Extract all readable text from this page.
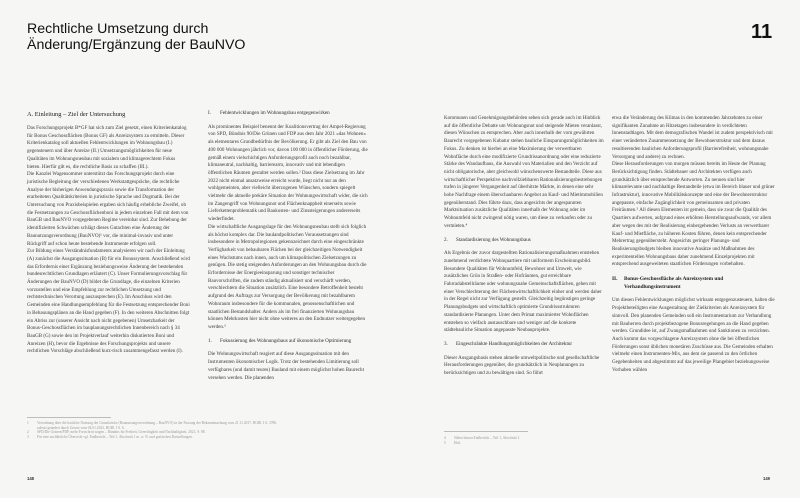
Rechtliche Umsetzung durch
Änderung/Ergänzung der BauNVO
11
A. Einleitung – Ziel der Untersuchung

Das Forschungsprojekt B*GF hat sich zum Ziel gesetzt, einen Kriterienkatalog für Bonus Geschossflächen (Bonus GF) als Anreizsystem zu ermitteln. Dieser Kriterienkatalog soll aktuellen Fehlentwicklungen im Wohnungsbau (I.) gegensteuern und über Anreize (II.) Umsetzungsmöglichkeiten für neue Qualitäten im Wohnungsneubau mit sozialem und klimagerechtem Fokus bieten. Hierfür gilt es, die rechtliche Basis zu schaffen (III.).

Die Kanzlei Wagensommer unterstützt das Forschungsprojekt durch eine juristische Begleitung der verschiedenen Werkstattgespräche, die rechtliche Analyse der bisherigen Anwendungspraxis sowie die Transformation der erarbeiteten Qualitätskriterien in juristische Sprache und Dogmatik. Bei der Untersuchung von Praxisbeispielen ergaben sich häufig erhebliche Zweifel, ob die Festsetzungen zu Geschossflächenboni in jedem einzelnen Fall mit dem von BauGB und BauNVO vorgegebenen Regime vereinbar sind. Zur Behebung der identifizierten Schwächen schlägt dieses Gutachten eine Änderung der Baunutzungsverordnung (BauNVO)¹ vor, die minimal-invasiv und unter Rückgriff auf schon heute bestehende Instrumente erfolgen soll.

Zur Bildung eines Verständnisfundaments analysieren wir nach der Einleitung (A) zunächst die Ausgangssituation (B) für ein Bonussystem. Anschließend wird das Erfordernis einer Ergänzung beziehungsweise Änderung der bestehenden bundesrechtlichen Grundlagen erläutert (C). Unser Formulierungsvorschlag für Änderungen der BauNVO (D) bildet die Grundlage, die einzelnen Kriterien vorzustellen und eine Empfehlung zur rechtlichen Umsetzung und rechtstechnischen Verortung auszusprechen (E). Im Anschluss wird den Gemeinden eine Handlungsempfehlung für die Festsetzung entsprechender Boni in Bebauungsplänen an die Hand gegeben (F). In den weiteren Abschnitten folgt ein Abriss zur (unserer Ansicht nach nicht gegebenen) Umsetzbarkeit der Bonus-Geschossflächen im bauplanungsrechtlichen Innenbereich nach § 34 BauGB (G) sowie den im Projektverlauf weiterhin diskutierten Boni und Anreizen (H), bevor die Ergebnisse des Forschungsprojekts und unsere rechtlichen Vorschläge abschließend kurz-risch zusammengefasst werden (I).

I.	Fehlentwicklungen im Wohnungsbau entgegenwirken

Als prominentes Beispiel benennt der Koalitionsvertrag der Ampel-Regierung von SPD, Bündnis 90/Die Grünen und FDP aus dem Jahr 2021 »das Wohnen« als elementares Grundbedürfnis der Bevölkerung. Er gibt als Ziel den Bau von 400 000 Wohnungen jährlich vor, davon 100 000 in öffentlicher Förderung, die gemäß einem vielschichtigen Anforderungsprofil auch noch bezahlbar, klimaneutral, nachhaltig, barrierearm, innovativ und mit lebendigen öffentlichen Räumen gestaltet werden sollen.² Dass diese Zielsetzung im Jahr 2022 nicht einmal ansatzweise erreicht wurde, liegt nicht nur an den wohlgemeinten, aber vielleicht überzogenen Wünschen, sondern spiegelt vielmehr die aktuelle prekäre Situation der Wohnungswirtschaft wider, die sich im Zangengriff von Wohnungsnot und Flächenknappheit einerseits sowie Lieferkettenproblematik und Baukosten- und Zinssteigerungen andererseits wiederfindet.

Die wirtschaftliche Ausgangslage für den Wohnungsneubau stellt sich folglich als höchst komplex dar. Die baulandpolitischen Voraussetzungen sind insbesondere in Metropolregionen gekennzeichnet durch eine eingeschränkte Verfügbarkeit von bebaubaren Flächen bei der gleichzeitigen Notwendigkeit eines Wachstums nach innen, auch um klimapolitischen Zielsetzungen zu genügen. Die stetig steigenden Anforderungen an den Wohnungsbau durch die Erfordernisse der Energieeinsparung und sonstiger technischer Bauvorschriften, die zudem ständig aktualisiert und verschärft werden, verschlechtern die Situation zusätzlich. Eine besondere Betroffenheit besteht aufgrund des Auftrags zur Versorgung der Bevölkerung mit bezahlbarem Wohnraum insbesondere für die kommunalen, genossenschaftlichen und staatlichen Bestandshalter. Anders als im frei finanzierten Wohnungsbau können Mehrkosten hier nicht ohne weiteres an den Endnutzer weitergegeben werden.³

1.	Fokussierung des Wohnungsbaus auf ökonomische Optimierung

Die Wohnungswirtschaft reagiert auf diese Ausgangssituation mit den Instrumenten ökonomischer Logik. Trotz der bestehenden Limitierung soll verfügbares (und damit teures) Bauland mit einem möglichst hohen Baurecht versehen werden. Die planenden

1	Verordnung über die bauliche Nutzung der Grundstücke (Baunutzungsverordnung – BauNVO) in der Fassung der Bekanntmachung vom 21.11.2017, BGBl. I S. 3786, zuletzt geändert durch Gesetz vom 04.01.2023, BGBl. I S. 6.
2	SPD/Die Grünen/FDP, mehr Fortschritt wagen – Bündnis für Freiheit, Gerechtigkeit und Nachhaltigkeit, 2021, S. 88.
3	Für eine ausführliche Übersicht vgl. Endbericht – Teil 1, Abschnitt 1 m. w. N. und grafischen Darstellungen.
148

Kommunen und Genehmigungsbehörden sehen sich gerade auch im Hinblick auf die öffentliche Debatte um Wohnungsnot und steigende Mieten veranlasst, diesen Wünschen zu entsprechen. Aber auch innerhalb der vom gewährten Baurecht vorgegebenen Kubatur stehen bauliche Einsparungsmöglichkeiten im Fokus. Zu denken ist hierbei an eine Maximierung der verwertbaren Wohnfläche durch eine modifizierte Grundrissanordnung oder eine reduzierte Stärke des Wandaufbaus, die Auswahl von Materialien und den Verzicht auf nicht obligatorische, aber gleichwohl wünschenswerte Bestandteile. Diese aus wirtschaftlicher Perspektive nachvollziehbaren Rationalisierungsbestrebungen trafen in jüngerer Vergangenheit auf überhitzte Märkte, in denen eine sehr hohe Nachfrage einem überschaubaren Angebot an Kauf- und Mietimmobilien gegenüberstand. Dies führte dazu, dass angesichts der angespannten Marktsituation zusätzliche Qualitäten innerhalb der Wohnung oder im Wohnumfeld nicht zwingend nötig waren, um diese zu verkaufen oder zu vermieten.⁴

2.	Standardisierung des Wohnungsbaus

Als Ergebnis der zuvor dargestellten Rationalisierungsmaßnahmen entstehen zunehmend verdichtete Wohnquartiere mit uniformem Erscheinungsbild. Besondere Qualitäten für Wohnumfeld, Bewohner und Umwelt, wie zusätzliches Grün in Straßen- oder Hofräumen, gut erreichbare Fahrradabstellräume oder wohnungsnahe Gemeinschaftsflächen, gehen mit einer Verschlechterung der Flächenwirtschaftlichkeit einher und werden daher in der Regel nicht zur Verfügung gestellt. Gleichzeitig begünstigen geringe Planungsbudgets und wirtschaftlich optimierte Grundrissstrukturen standardisierte Planungen. Unter dem Primat maximierter Wohnflächen entstehen so vielfach austauschbare und weniger auf die konkrete städtebauliche Situation angepasste Neubauprojekte.

3.	Eingeschränkte Handlungsmöglichkeiten der Architektur

Dieser Ausgangsbasis stehen aktuelle umweltpolitische und gesellschaftliche Herausforderungen gegenüber, die grundsätzlich in Neuplanungen zu berücksichtigen und zu bewältigen sind. So führt

etwa die Veränderung des Klimas in den kommenden Jahrzehnten zu einer signifikanten Zunahme an Hitzetagen insbesondere in verdichteten Innenstadtlagen. Mit dem demografischen Wandel ist zudem perspektivisch mit einer veränderten Zusammensetzung der Bewohnerstruktur und dem daraus resultierenden baulichen Anforderungsprofil (Barrierefreiheit, wohnungsnahe Versorgung und andere) zu rechnen.

Diese Herausforderungen von morgen müssen bereits im Heute der Planung Berücksichtigung finden. Städtebauer und Architekten verfügen auch grundsätzlich über entsprechende Antworten. Zu nennen sind hier klimarelevante und nachhaltige Bestandteile (etwa im Bereich blauer und grüner Infrastruktur), innovative Mobilitätskonzepte und eine der Bewohnerstruktur angepasste, einfache Zugänglichkeit von gemeinsamen und privaten Freiräumen.⁵ All diesen Elementen ist gemein, dass sie zwar die Qualität des Quartiers aufwerten, aufgrund eines erhöhten Herstellungsaufwands, vor allem aber wegen des mit der Realisierung einhergehenden Verlusts an verwertbarer Kauf- und Mietfläche, zu höheren Kosten führen, denen kein entsprechender Mehrertrag gegenübersteht. Angesichts geringer Planungs- und Realisierungsbudgets bleiben innovative Ansätze und Maßnahmen des experimentellen Wohnungsbaus daher zunehmend Einzelprojekten mit entsprechend ausgeweiteten staatlichen Förderungen vorbehalten.

II.	Bonus-Geschossfläche als Anreizsystem und Verhandlungsinstrument

Um diesen Fehlentwicklungen möglichst wirksam entgegenzusteuern, halten die Projektbeteiligten eine Ausgestaltung der Zielkriterien als Anreizsystem für sinnvoll. Den planenden Gemeinden soll ein Instrumentarium zur Verhandlung mit Bauherren durch projektbezogene Bonusregelungen an die Hand gegeben werden. Grundidee ist, auf Zwangsmaßnahmen und Sanktionen zu verzichten. Auch kommt das vorgeschlagene Anreizsystem ohne die bei öffentlichen Förderungen sonst üblichen monetären Zuschüsse aus. Die Gemeinden erhalten vielmehr einen Instrumenten-Mix, aus dem sie passend zu den örtlichen Gegebenheiten und abgestimmt auf das jeweilige Plangebiet beziehungsweise Vorhaben wählen

4	Näher hierzu Endbericht – Teil 1, Abschnitt 1.
5	Ebd.
149
